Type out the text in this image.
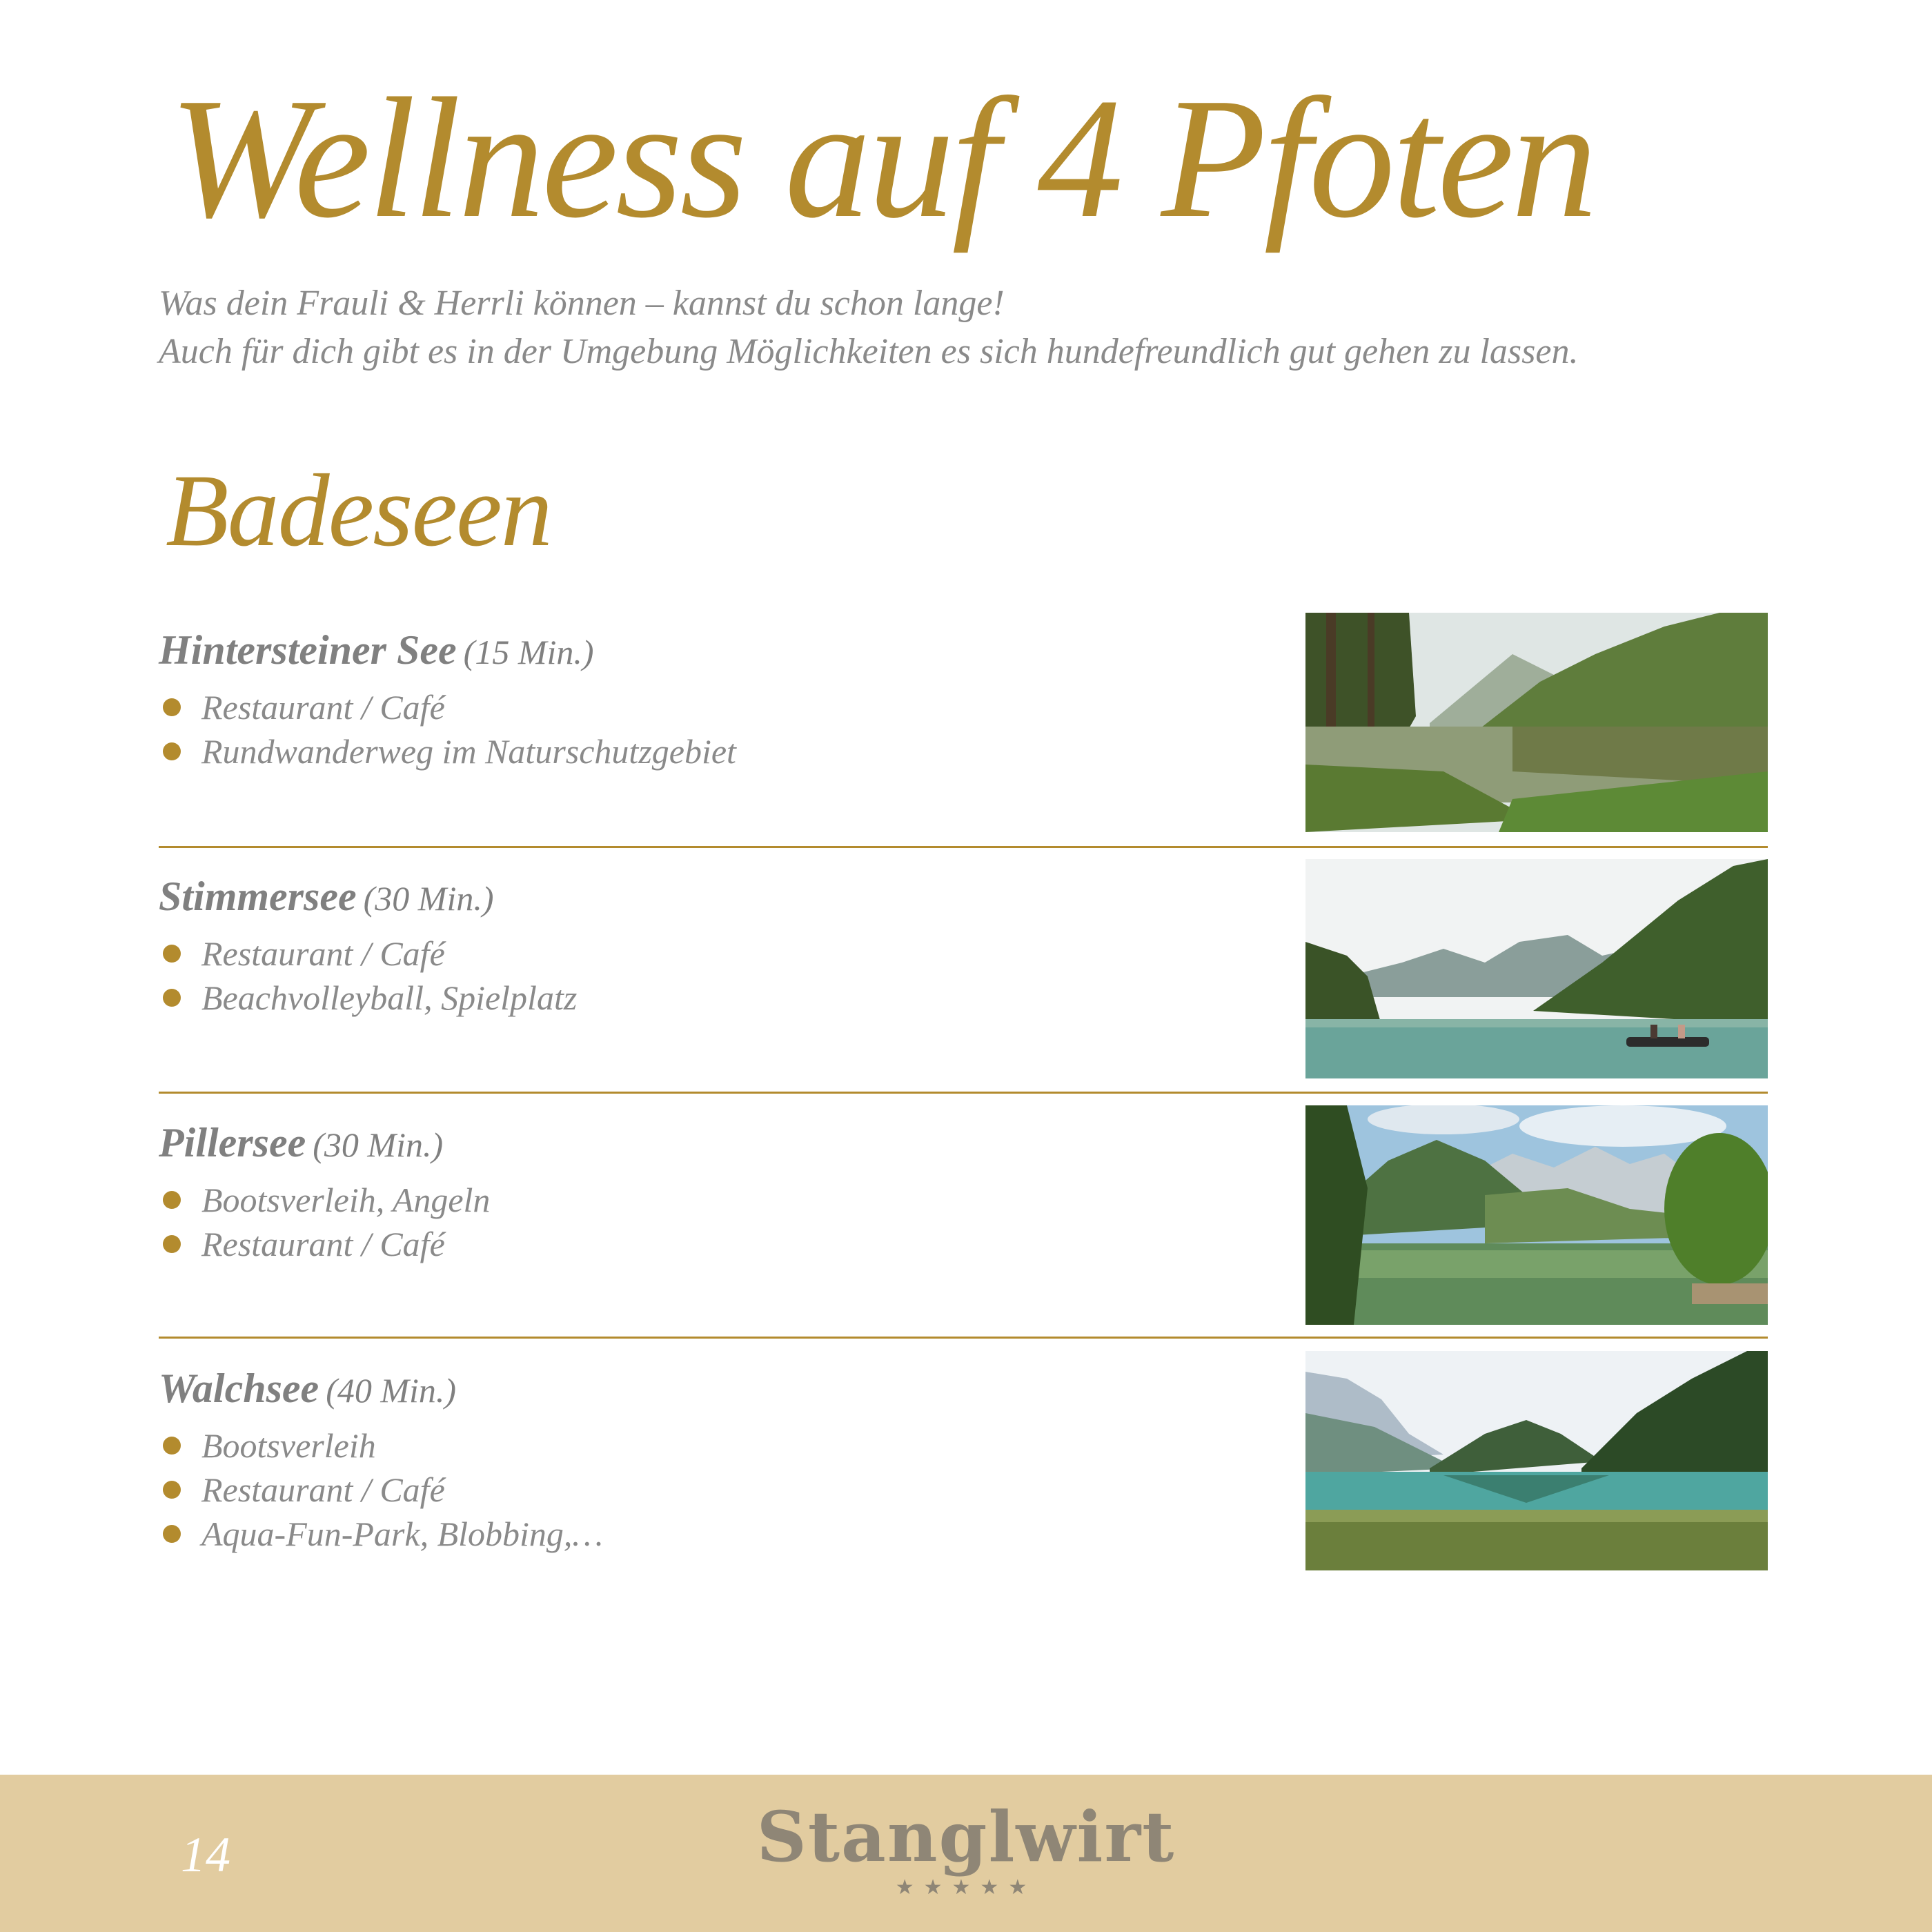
Wellness auf 4 Pfoten
Was dein Frauli & Herrli können – kannst du schon lange!
Auch für dich gibt es in der Umgebung Möglichkeiten es sich hundefreundlich gut gehen zu lassen.
Badeseen
Hintersteiner See (15 Min.)
Restaurant / Café
Rundwanderweg im Naturschutzgebiet
Stimmersee (30 Min.)
Restaurant / Café
Beachvolleyball, Spielplatz
Pillersee (30 Min.)
Bootsverleih, Angeln
Restaurant / Café
Walchsee (40 Min.)
Bootsverleih
Restaurant / Café
Aqua-Fun-Park, Blobbing,…
14	Stanglwirt
★★★★★
